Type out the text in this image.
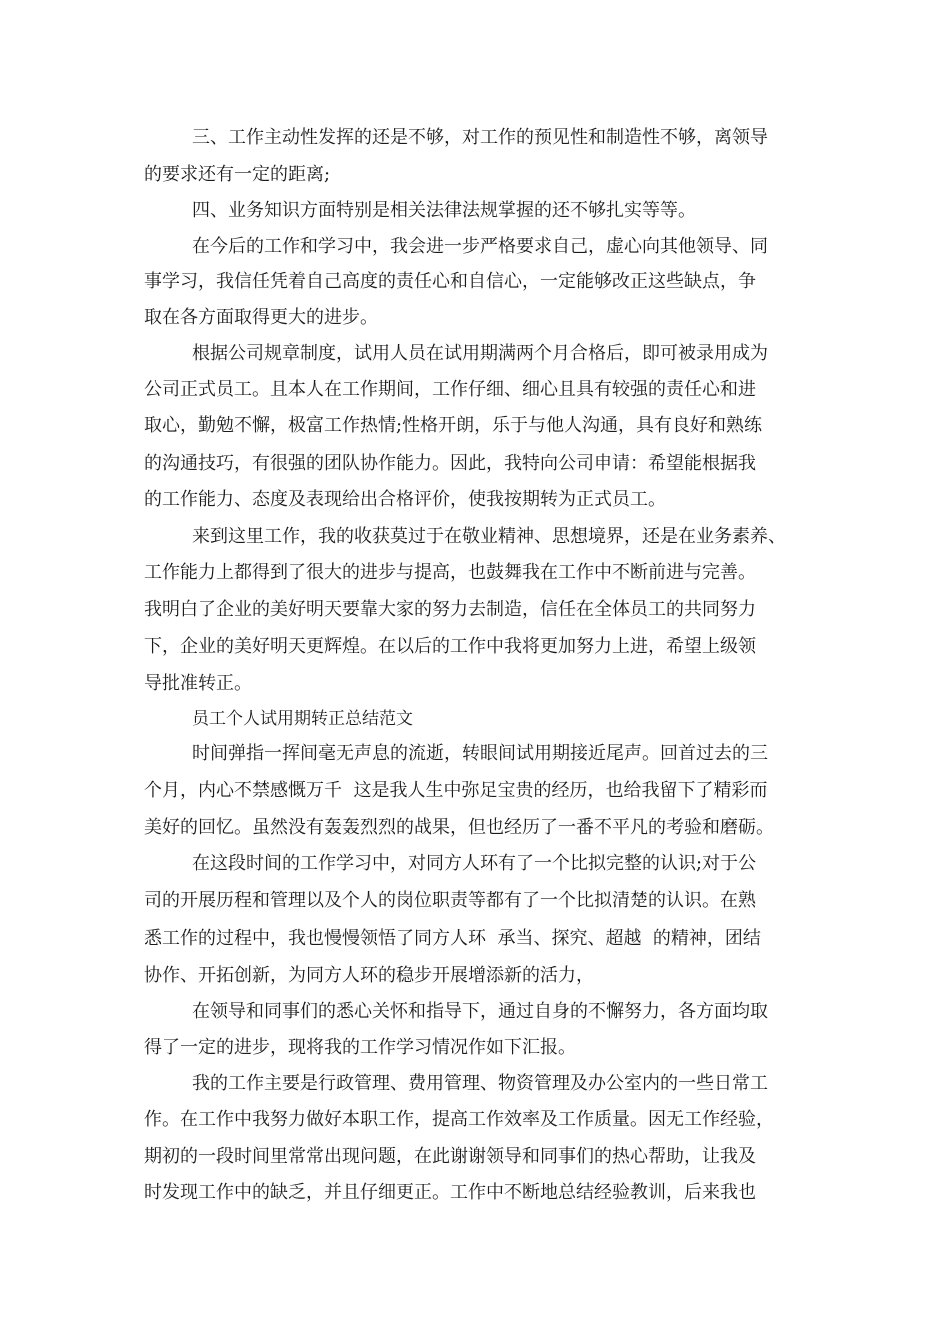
三、工作主动性发挥的还是不够，对工作的预见性和制造性不够，离领导
的要求还有一定的距离;
四、业务知识方面特别是相关法律法规掌握的还不够扎实等等。
在今后的工作和学习中，我会进一步严格要求自己，虚心向其他领导、同
事学习，我信任凭着自己高度的责任心和自信心，一定能够改正这些缺点，争
取在各方面取得更大的进步。
根据公司规章制度，试用人员在试用期满两个月合格后，即可被录用成为
公司正式员工。且本人在工作期间，工作仔细、细心且具有较强的责任心和进
取心，勤勉不懈，极富工作热情;性格开朗，乐于与他人沟通，具有良好和熟练
的沟通技巧，有很强的团队协作能力。因此，我特向公司申请：希望能根据我
的工作能力、态度及表现给出合格评价，使我按期转为正式员工。
来到这里工作，我的收获莫过于在敬业精神、思想境界，还是在业务素养、
工作能力上都得到了很大的进步与提高，也鼓舞我在工作中不断前进与完善。
我明白了企业的美好明天要靠大家的努力去制造，信任在全体员工的共同努力
下，企业的美好明天更辉煌。在以后的工作中我将更加努力上进，希望上级领
导批准转正。
员工个人试用期转正总结范文
时间弹指一挥间毫无声息的流逝，转眼间试用期接近尾声。回首过去的三
个月，内心不禁感慨万千  这是我人生中弥足宝贵的经历，也给我留下了精彩而
美好的回忆。虽然没有轰轰烈烈的战果，但也经历了一番不平凡的考验和磨砺。
在这段时间的工作学习中，对同方人环有了一个比拟完整的认识;对于公
司的开展历程和管理以及个人的岗位职责等都有了一个比拟清楚的认识。在熟
悉工作的过程中，我也慢慢领悟了同方人环  承当、探究、超越  的精神，团结
协作、开拓创新，为同方人环的稳步开展增添新的活力，
在领导和同事们的悉心关怀和指导下，通过自身的不懈努力，各方面均取
得了一定的进步，现将我的工作学习情况作如下汇报。
我的工作主要是行政管理、费用管理、物资管理及办公室内的一些日常工
作。在工作中我努力做好本职工作，提高工作效率及工作质量。因无工作经验，
期初的一段时间里常常出现问题，在此谢谢领导和同事们的热心帮助，让我及
时发现工作中的缺乏，并且仔细更正。工作中不断地总结经验教训，后来我也
